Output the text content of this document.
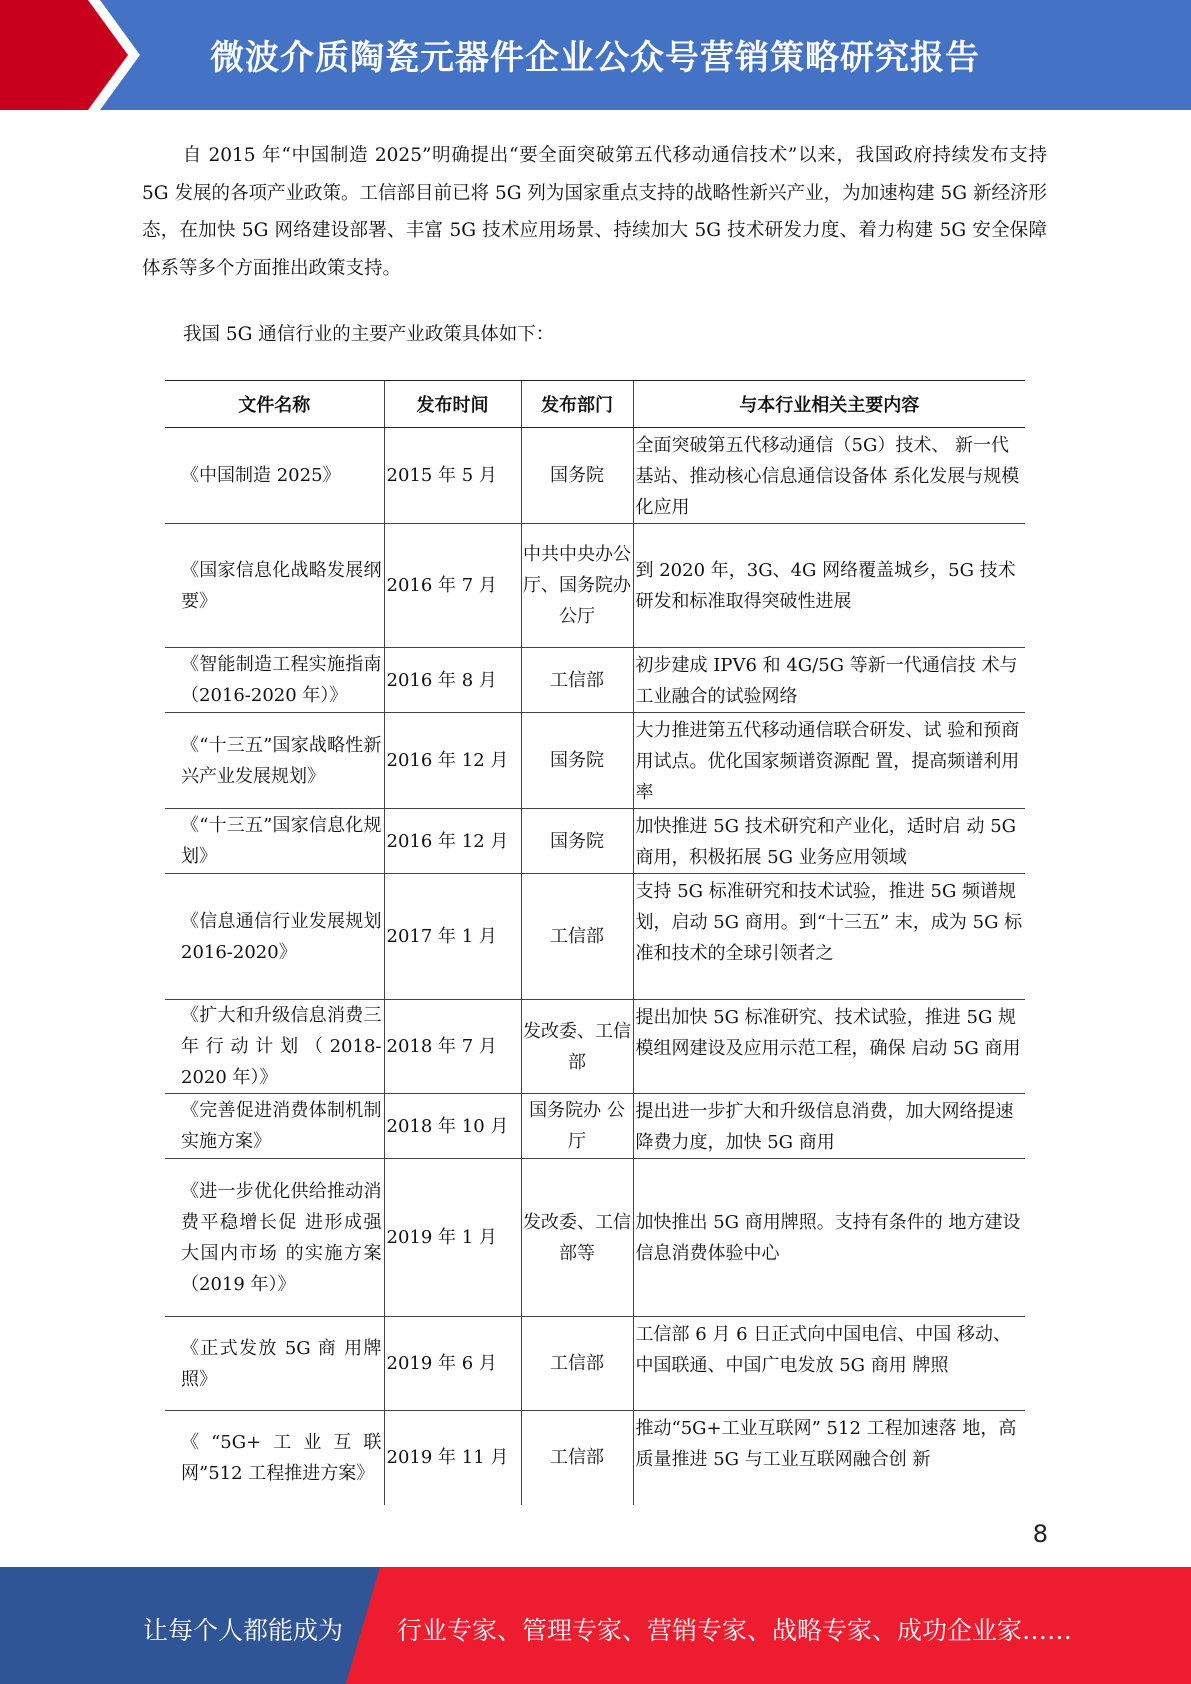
微波介质陶瓷元器件企业公众号营销策略研究报告
自 2015 年“中国制造 2025”明确提出“要全面突破第五代移动通信技术”以来，我国政府持续发布支持 5G 发展的各项产业政策。工信部目前已将 5G 列为国家重点支持的战略性新兴产业，为加速构建 5G 新经济形态，在加快 5G 网络建设部署、丰富 5G 技术应用场景、持续加大 5G 技术研发力度、着力构建 5G 安全保障体系等多个方面推出政策支持。
我国 5G 通信行业的主要产业政策具体如下：
文件名称	发布时间	发布部门	与本行业相关主要内容
《中国制造 2025》	2015 年 5 月	国务院	全面突破第五代移动通信（5G）技术、 新一代基站、推动核心信息通信设备体 系化发展与规模化应用
《国家信息化战略发展纲要》	2016 年 7 月	中共中央办公厅、国务院办 公厅	到 2020 年，3G、4G 网络覆盖城乡，5G 技术研发和标准取得突破性进展
《智能制造工程实施指南（2016-2020 年）》	2016 年 8 月	工信部	初步建成 IPV6 和 4G/5G 等新一代通信技 术与工业融合的试验网络
《“十三五”国家战略性新兴产业发展规划》	2016 年 12 月	国务院	大力推进第五代移动通信联合研发、试 验和预商用试点。优化国家频谱资源配 置，提高频谱利用率
《“十三五”国家信息化规划》	2016 年 12 月	国务院	加快推进 5G 技术研究和产业化，适时启 动 5G 商用，积极拓展 5G 业务应用领域
《信息通信行业发展规划 2016-2020》	2017 年 1 月	工信部	支持 5G 标准研究和技术试验，推进 5G 频谱规划，启动 5G 商用。到“十三五” 末，成为 5G 标准和技术的全球引领者之
《扩大和升级信息消费三年行动计划（2018-2020 年）》	2018 年 7 月	发改委、工信部	提出加快 5G 标准研究、技术试验，推进 5G 规模组网建设及应用示范工程，确保 启动 5G 商用
《完善促进消费体制机制实施方案》	2018 年 10 月	国务院办 公厅	提出进一步扩大和升级信息消费，加大网络提速降费力度，加快 5G 商用
《进一步优化供给推动消费平稳增长促 进形成强大国内市场 的实施方案（2019 年）》	2019 年 1 月	发改委、工信部等	加快推出 5G 商用牌照。支持有条件的 地方建设信息消费体验中心
《正式发放 5G 商 用牌照》	2019 年 6 月	工信部	工信部 6 月 6 日正式向中国电信、中国 移动、中国联通、中国广电发放 5G 商用 牌照
《“5G+工业互联网”512 工程推进方案》	2019 年 11 月	工信部	推动“5G+工业互联网” 512 工程加速落 地，高质量推进 5G 与工业互联网融合创 新
8
让每个人都能成为 行业专家、管理专家、营销专家、战略专家、成功企业家……
